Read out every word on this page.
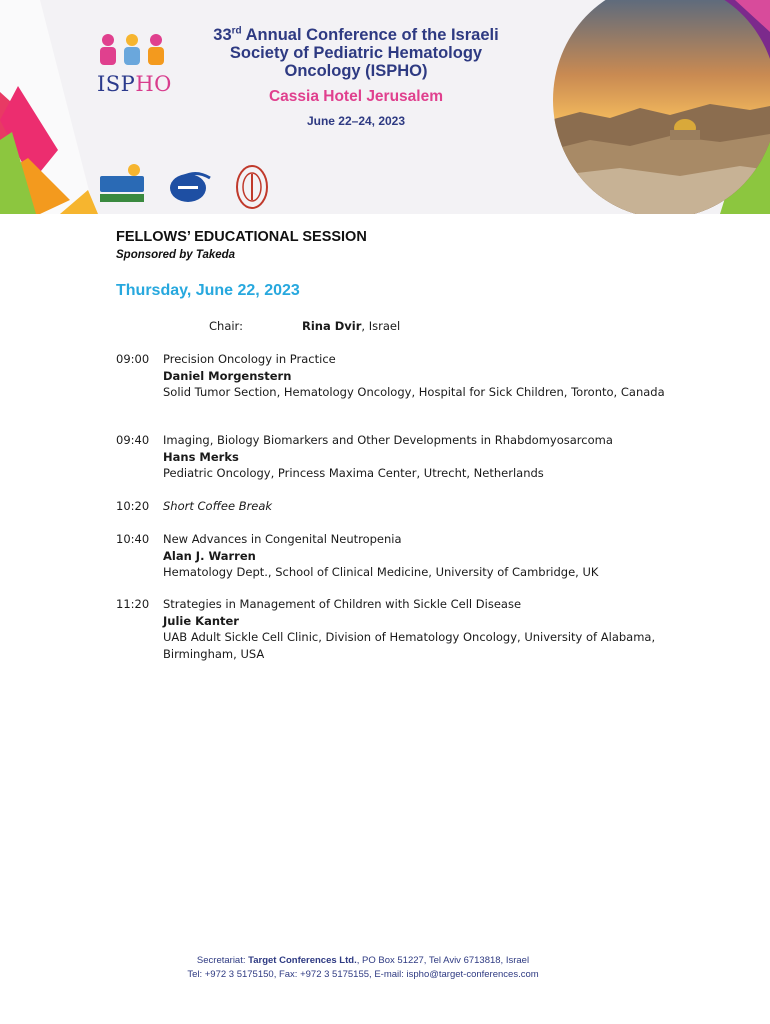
ISPHO
33rd Annual Conference of the Israeli Society of Pediatric Hematology Oncology (ISPHO)
Cassia Hotel Jerusalem
June 22–24, 2023
FELLOWS’ EDUCATIONAL SESSION
Sponsored by Takeda
Thursday, June 22, 2023
Chair:	Rina Dvir, Israel
09:00 Precision Oncology in Practice
Daniel Morgenstern
Solid Tumor Section, Hematology Oncology, Hospital for Sick Children, Toronto, Canada
09:40 Imaging, Biology Biomarkers and Other Developments in Rhabdomyosarcoma
Hans Merks
Pediatric Oncology, Princess Maxima Center, Utrecht, Netherlands
10:20 Short Coffee Break
10:40 New Advances in Congenital Neutropenia
Alan J. Warren
Hematology Dept., School of Clinical Medicine, University of Cambridge, UK
11:20 Strategies in Management of Children with Sickle Cell Disease
Julie Kanter
UAB Adult Sickle Cell Clinic, Division of Hematology Oncology, University of Alabama, Birmingham, USA
Secretariat: Target Conferences Ltd., PO Box 51227, Tel Aviv 6713818, Israel
Tel: +972 3 5175150, Fax: +972 3 5175155, E-mail: ispho@target-conferences.com
